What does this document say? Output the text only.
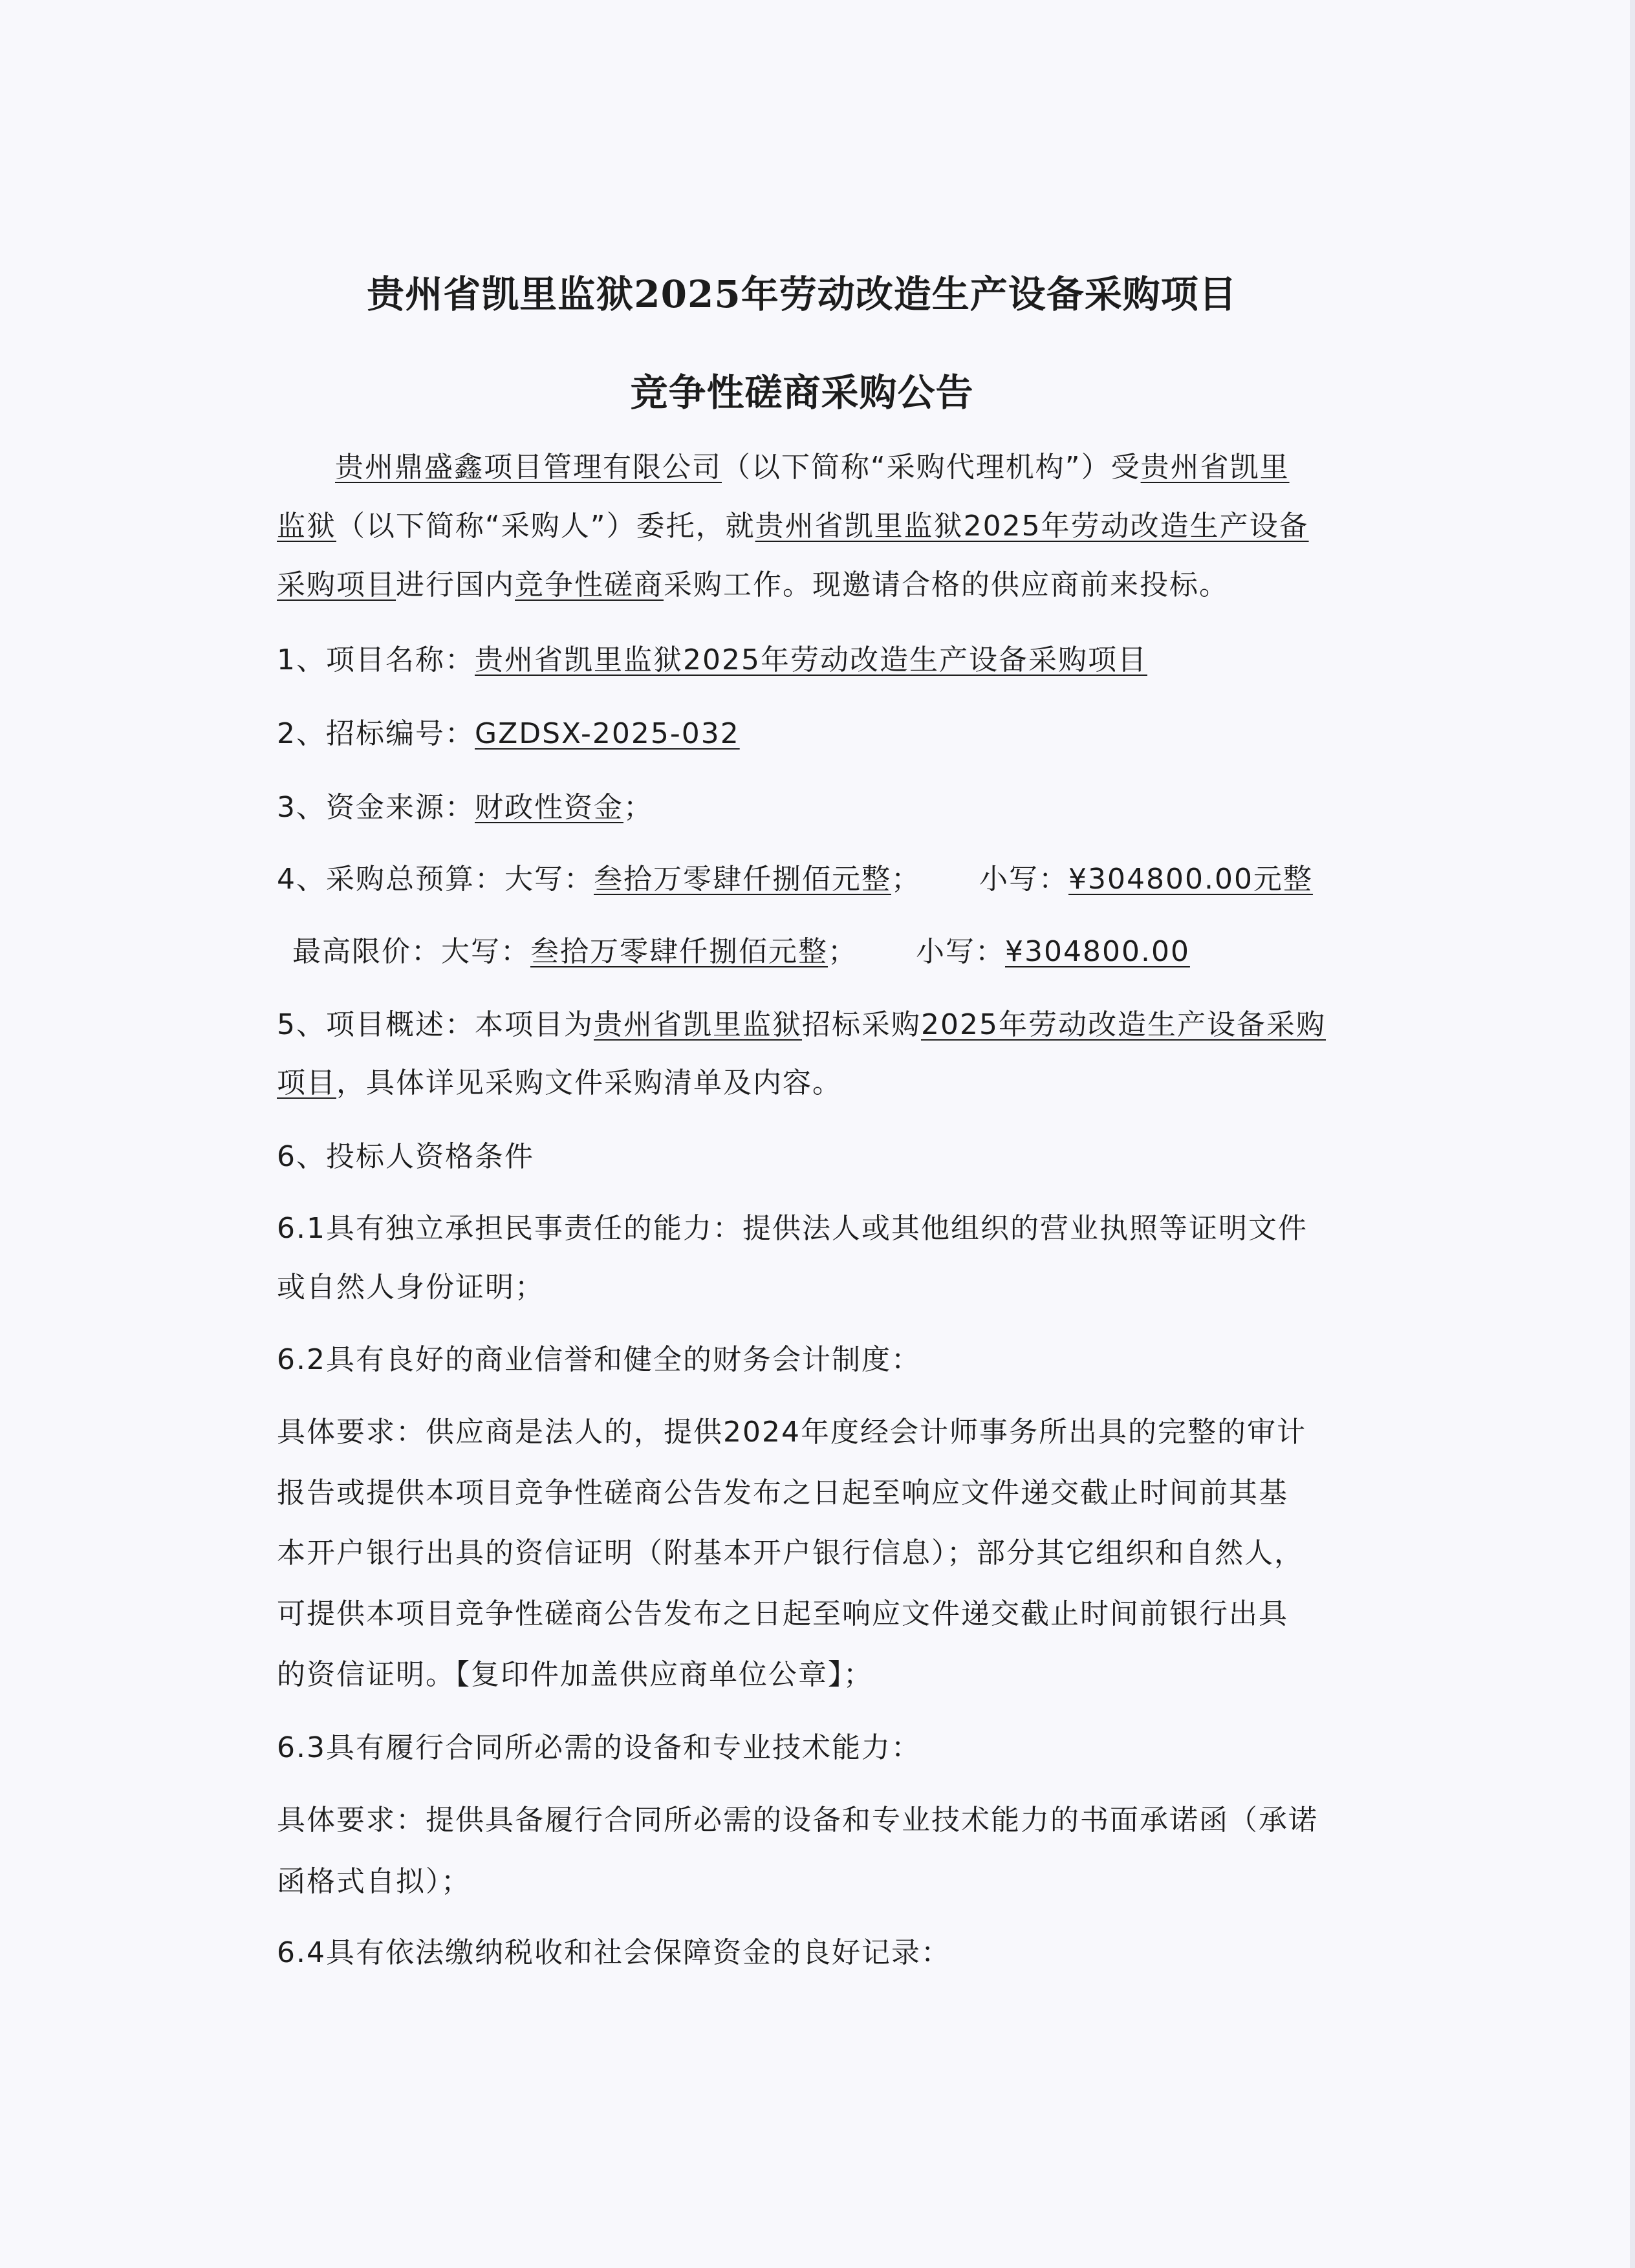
贵州省凯里监狱2025年劳动改造生产设备采购项目
竞争性磋商采购公告
贵州鼎盛鑫项目管理有限公司（以下简称“采购代理机构”）受贵州省凯里
监狱（以下简称“采购人”）委托，就贵州省凯里监狱2025年劳动改造生产设备
采购项目进行国内竞争性磋商采购工作。现邀请合格的供应商前来投标。
1、项目名称：贵州省凯里监狱2025年劳动改造生产设备采购项目
2、招标编号：GZDSX-2025-032
3、资金来源：财政性资金；
4、采购总预算：大写：叁拾万零肆仟捌佰元整； 小写：¥304800.00元整
最高限价：大写：叁拾万零肆仟捌佰元整； 小写：¥304800.00
5、项目概述：本项目为贵州省凯里监狱招标采购2025年劳动改造生产设备采购
项目，具体详见采购文件采购清单及内容。
6、投标人资格条件
6.1具有独立承担民事责任的能力：提供法人或其他组织的营业执照等证明文件
或自然人身份证明；
6.2具有良好的商业信誉和健全的财务会计制度：
具体要求：供应商是法人的，提供2024年度经会计师事务所出具的完整的审计
报告或提供本项目竞争性磋商公告发布之日起至响应文件递交截止时间前其基
本开户银行出具的资信证明（附基本开户银行信息）；部分其它组织和自然人，
可提供本项目竞争性磋商公告发布之日起至响应文件递交截止时间前银行出具
的资信证明。【复印件加盖供应商单位公章】；
6.3具有履行合同所必需的设备和专业技术能力：
具体要求：提供具备履行合同所必需的设备和专业技术能力的书面承诺函（承诺
函格式自拟）；
6.4具有依法缴纳税收和社会保障资金的良好记录：
